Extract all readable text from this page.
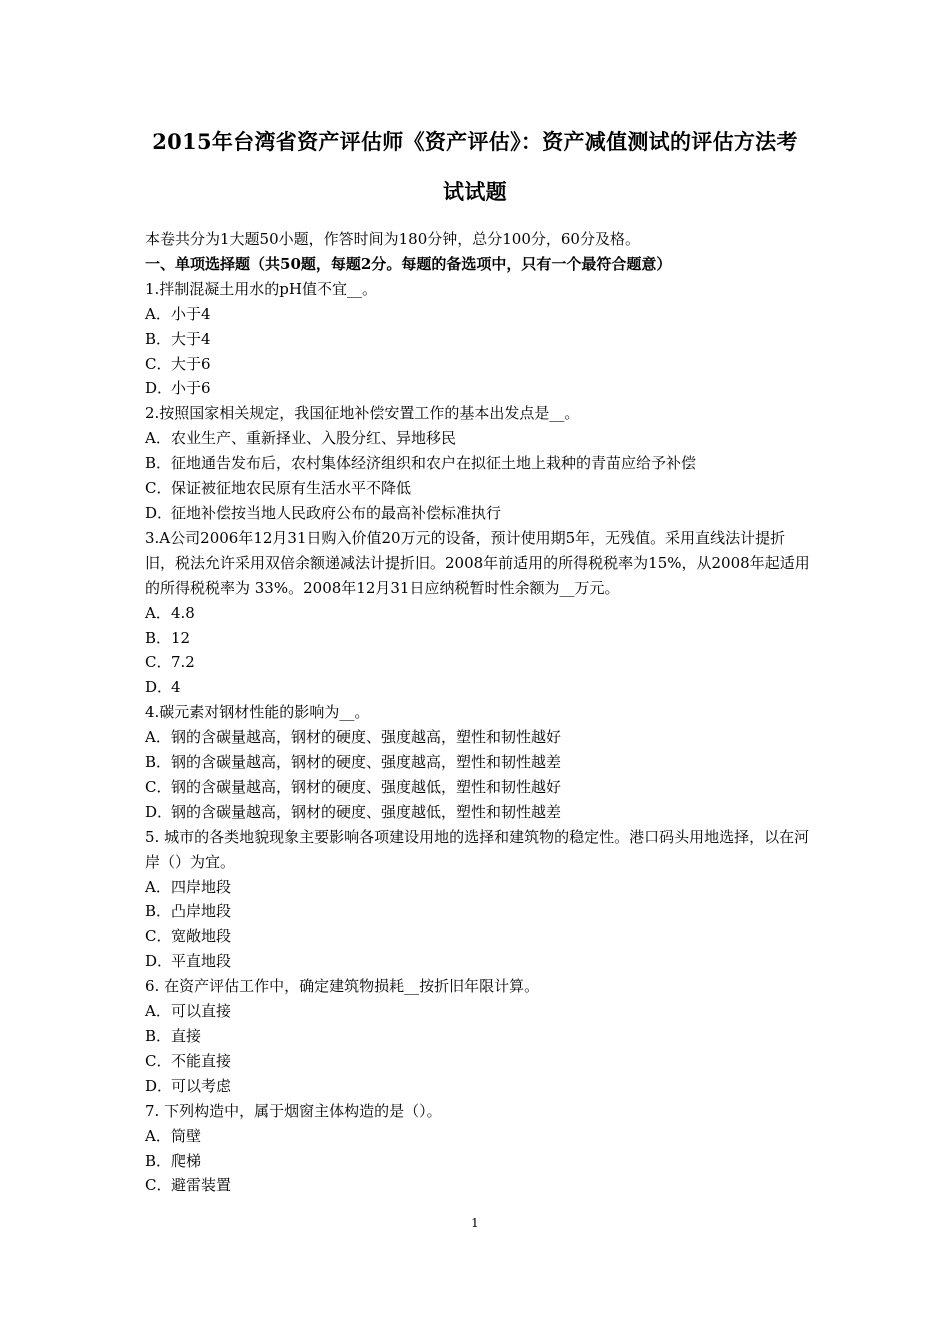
2015年台湾省资产评估师《资产评估》：资产减值测试的评估方法考
试试题

本卷共分为1大题50小题，作答时间为180分钟，总分100分，60分及格。

一、单项选择题（共50题，每题2分。每题的备选项中，只有一个最符合题意）

1.拌制混凝土用水的pH值不宜__。

A．小于4

B．大于4

C．大于6

D．小于6

2.按照国家相关规定，我国征地补偿安置工作的基本出发点是__。

A．农业生产、重新择业、入股分红、异地移民

B．征地通告发布后，农村集体经济组织和农户在拟征土地上栽种的青苗应给予补偿

C．保证被征地农民原有生活水平不降低

D．征地补偿按当地人民政府公布的最高补偿标准执行

3.A公司2006年12月31日购入价值20万元的设备，预计使用期5年，无残值。采用直线法计提折旧，税法允许采用双倍余额递减法计提折旧。2008年前适用的所得税税率为15%，从2008年起适用的所得税税率为 33%。2008年12月31日应纳税暂时性余额为__万元。

A．4.8

B．12

C．7.2

D．4

4.碳元素对钢材性能的影响为__。

A．钢的含碳量越高，钢材的硬度、强度越高，塑性和韧性越好

B．钢的含碳量越高，钢材的硬度、强度越高，塑性和韧性越差

C．钢的含碳量越高，钢材的硬度、强度越低，塑性和韧性越好

D．钢的含碳量越高，钢材的硬度、强度越低，塑性和韧性越差

5. 城市的各类地貌现象主要影响各项建设用地的选择和建筑物的稳定性。港口码头用地选择，以在河岸（）为宜。

A．四岸地段

B．凸岸地段

C．宽敞地段

D．平直地段

6. 在资产评估工作中，确定建筑物损耗__按折旧年限计算。

A．可以直接

B．直接

C．不能直接

D．可以考虑

7. 下列构造中，属于烟窗主体构造的是（）。

A．筒壁

B．爬梯

C．避雷装置

1
